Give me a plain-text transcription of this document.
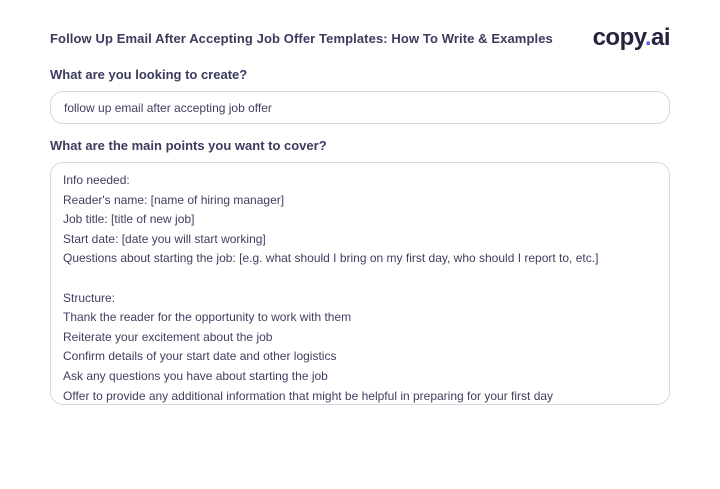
Follow Up Email After Accepting Job Offer Templates: How To Write & Examples copy.ai
What are you looking to create?
follow up email after accepting job offer
What are the main points you want to cover?
Info needed: Reader's name: [name of hiring manager] Job title: [title of new job] Start date: [date you will start working] Questions about starting the job: [e.g. what should I bring on my first day, who should I report to, etc.] Structure: Thank the reader for the opportunity to work with them Reiterate your excitement about the job Confirm details of your start date and other logistics Ask any questions you have about starting the job Offer to provide any additional information that might be helpful in preparing for your first day
